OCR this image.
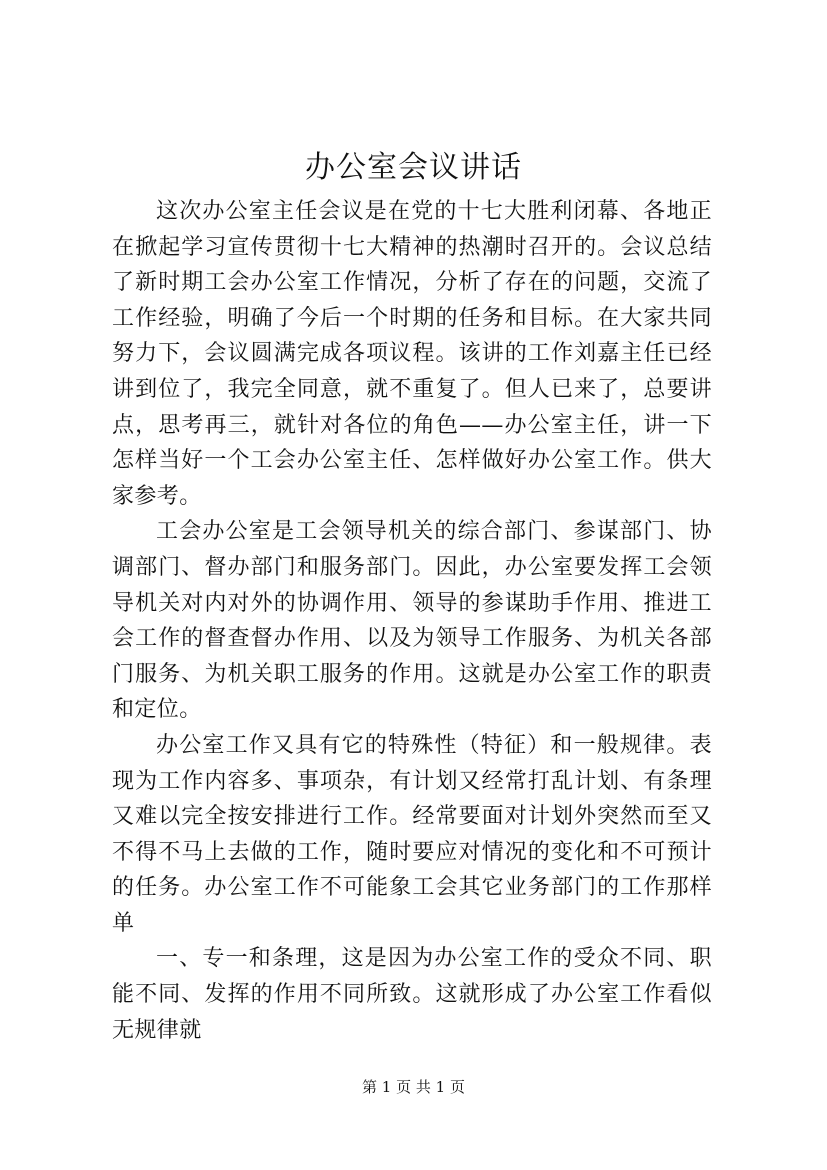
办公室会议讲话

这次办公室主任会议是在党的十七大胜利闭幕、各地正在掀起学习宣传贯彻十七大精神的热潮时召开的。会议总结了新时期工会办公室工作情况，分析了存在的问题，交流了工作经验，明确了今后一个时期的任务和目标。在大家共同努力下，会议圆满完成各项议程。该讲的工作刘嘉主任已经讲到位了，我完全同意，就不重复了。但人已来了，总要讲点，思考再三，就针对各位的角色——办公室主任，讲一下怎样当好一个工会办公室主任、怎样做好办公室工作。供大家参考。

工会办公室是工会领导机关的综合部门、参谋部门、协调部门、督办部门和服务部门。因此，办公室要发挥工会领导机关对内对外的协调作用、领导的参谋助手作用、推进工会工作的督查督办作用、以及为领导工作服务、为机关各部门服务、为机关职工服务的作用。这就是办公室工作的职责和定位。

办公室工作又具有它的特殊性（特征）和一般规律。表现为工作内容多、事项杂，有计划又经常打乱计划、有条理又难以完全按安排进行工作。经常要面对计划外突然而至又不得不马上去做的工作，随时要应对情况的变化和不可预计的任务。办公室工作不可能象工会其它业务部门的工作那样单

一、专一和条理，这是因为办公室工作的受众不同、职能不同、发挥的作用不同所致。这就形成了办公室工作看似无规律就

第 1 页 共 1 页
